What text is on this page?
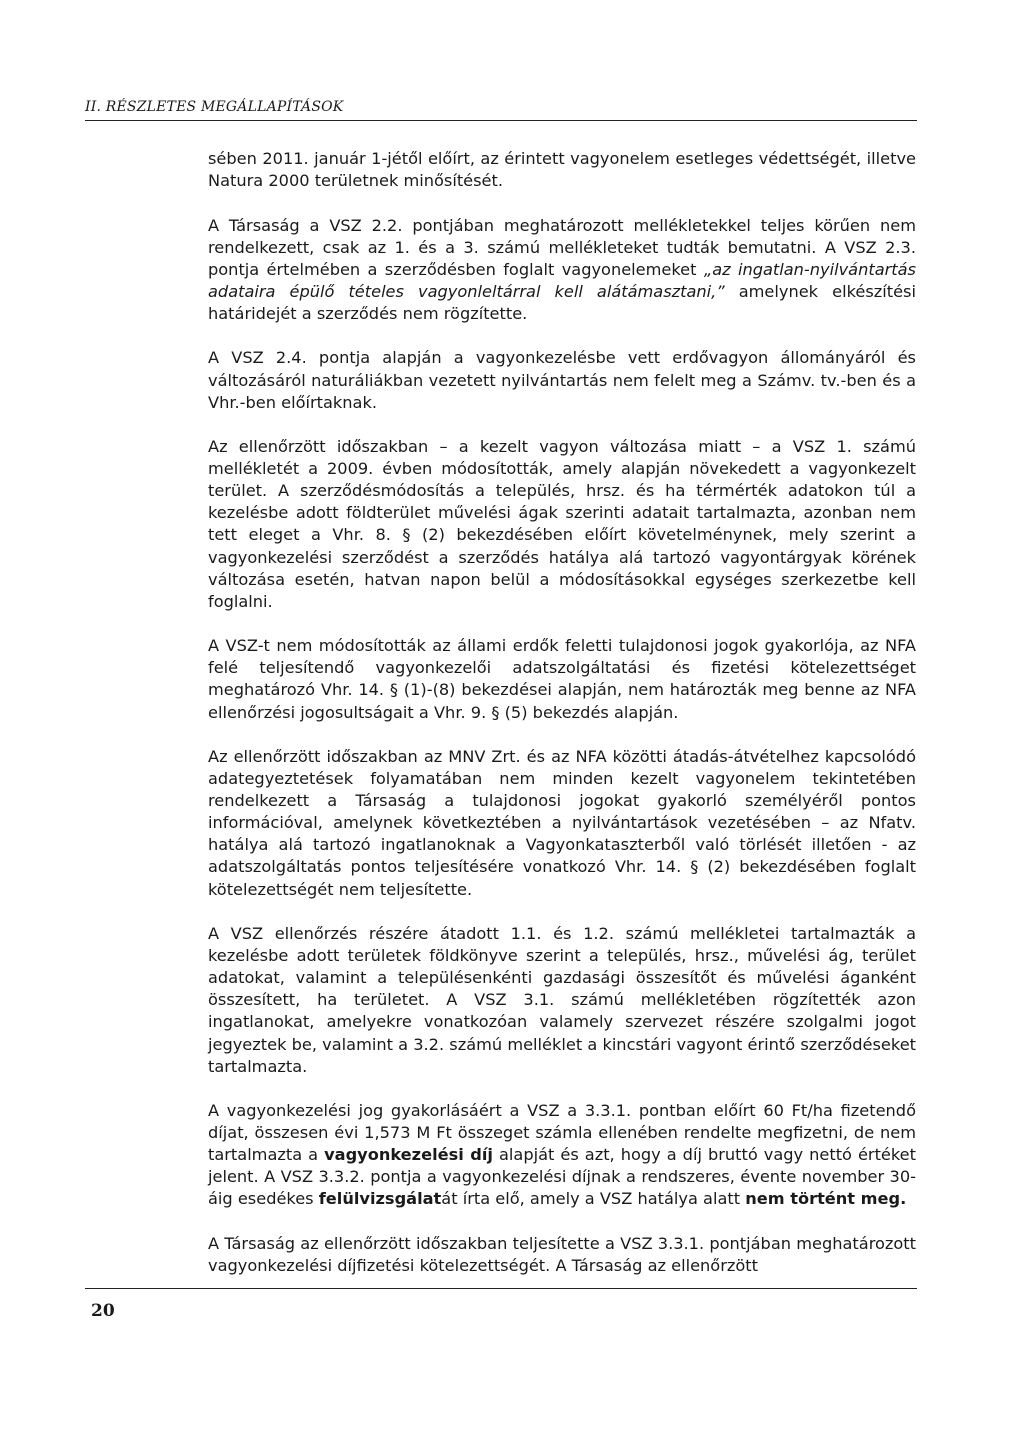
II. RÉSZLETES MEGÁLLAPÍTÁSOK

sében 2011. január 1-jétől előírt, az érintett vagyonelem esetleges védettségét, illetve Natura 2000 területnek minősítését.

A Társaság a VSZ 2.2. pontjában meghatározott mellékletekkel teljes körűen nem rendelkezett, csak az 1. és a 3. számú mellékleteket tudták bemutatni. A VSZ 2.3. pontja értelmében a szerződésben foglalt vagyonelemeket „az ingatlan-nyilvántartás adataira épülő tételes vagyonleltárral kell alátámasztani,” amelynek elkészítési határidejét a szerződés nem rögzítette.

A VSZ 2.4. pontja alapján a vagyonkezelésbe vett erdővagyon állományáról és változásáról naturáliákban vezetett nyilvántartás nem felelt meg a Számv. tv.-ben és a Vhr.-ben előírtaknak.

Az ellenőrzött időszakban – a kezelt vagyon változása miatt – a VSZ 1. számú mellékletét a 2009. évben módosították, amely alapján növekedett a vagyonkezelt terület. A szerződésmódosítás a település, hrsz. és ha térmérték adatokon túl a kezelésbe adott földterület művelési ágak szerinti adatait tartalmazta, azonban nem tett eleget a Vhr. 8. § (2) bekezdésében előírt követelménynek, mely szerint a vagyonkezelési szerződést a szerződés hatálya alá tartozó vagyontárgyak körének változása esetén, hatvan napon belül a módosításokkal egységes szerkezetbe kell foglalni.

A VSZ-t nem módosították az állami erdők feletti tulajdonosi jogok gyakorlója, az NFA felé teljesítendő vagyonkezelői adatszolgáltatási és fizetési kötelezettséget meghatározó Vhr. 14. § (1)-(8) bekezdései alapján, nem határozták meg benne az NFA ellenőrzési jogosultságait a Vhr. 9. § (5) bekezdés alapján.

Az ellenőrzött időszakban az MNV Zrt. és az NFA közötti átadás-átvételhez kapcsolódó adategyeztetések folyamatában nem minden kezelt vagyonelem tekintetében rendelkezett a Társaság a tulajdonosi jogokat gyakorló személyéről pontos információval, amelynek következtében a nyilvántartások vezetésében – az Nfatv. hatálya alá tartozó ingatlanoknak a Vagyonkataszterből való törlését illetően - az adatszolgáltatás pontos teljesítésére vonatkozó Vhr. 14. § (2) bekezdésében foglalt kötelezettségét nem teljesítette.

A VSZ ellenőrzés részére átadott 1.1. és 1.2. számú mellékletei tartalmazták a kezelésbe adott területek földkönyve szerint a település, hrsz., művelési ág, terület adatokat, valamint a településenkénti gazdasági összesítőt és művelési áganként összesített, ha területet. A VSZ 3.1. számú mellékletében rögzítették azon ingatlanokat, amelyekre vonatkozóan valamely szervezet részére szolgalmi jogot jegyeztek be, valamint a 3.2. számú melléklet a kincstári vagyont érintő szerződéseket tartalmazta.

A vagyonkezelési jog gyakorlásáért a VSZ a 3.3.1. pontban előírt 60 Ft/ha fizetendő díjat, összesen évi 1,573 M Ft összeget számla ellenében rendelte megfizetni, de nem tartalmazta a vagyonkezelési díj alapját és azt, hogy a díj bruttó vagy nettó értéket jelent. A VSZ 3.3.2. pontja a vagyonkezelési díjnak a rendszeres, évente november 30-áig esedékes felülvizsgálatát írta elő, amely a VSZ hatálya alatt nem történt meg.

A Társaság az ellenőrzött időszakban teljesítette a VSZ 3.3.1. pontjában meghatározott vagyonkezelési díjfizetési kötelezettségét. A Társaság az ellenőrzött

20
